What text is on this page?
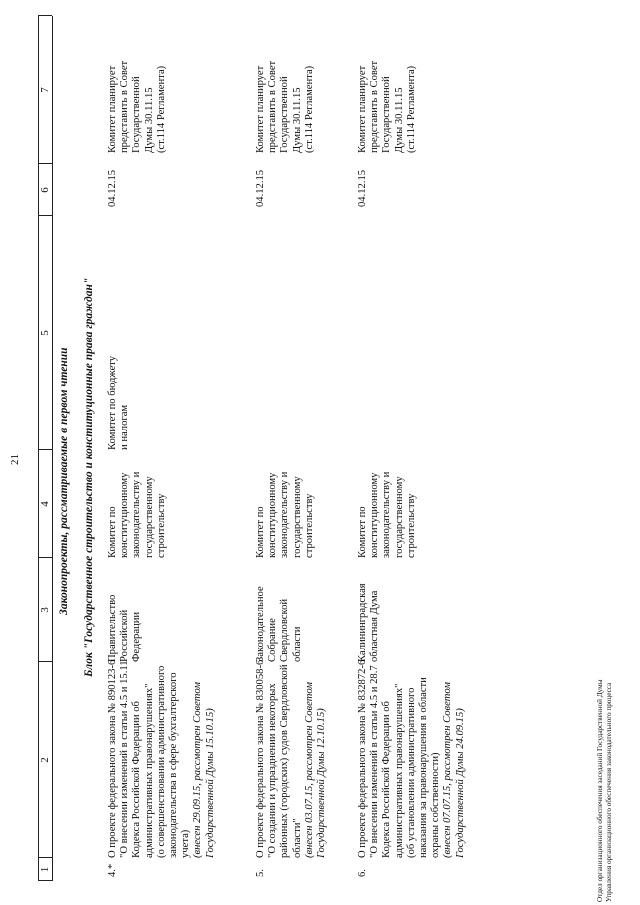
21
1
2
3
4
5
6
7
Законопроекты, рассматриваемые в первом чтении Блок "Государственное строительство и конституционные права граждан"
4.*
О проекте федерального закона № 890123-6 "О внесении изменений в статьи 4.5 и 15.11 Кодекса Российской Федерации об административных правонарушениях" (о совершенствовании административного законодательства в сфере бухгалтерского учета) (внесен 29.09.15, рассмотрен Советом Государственной Думы 15.10.15)
Правительство Российской Федерации
Комитет по конституционному законодательству и государственному строительству
Комитет по бюджету и налогам
04.12.15
Комитет планирует представить в Совет Государственной Думы 30.11.15 (ст.114 Регламента)
5.
О проекте федерального закона № 830058-6 "О создании и упразднении некоторых районных (городских) судов Свердловской области" (внесен 03.07.15, рассмотрен Советом Государственной Думы 12.10.15)
Законодательное Собрание Свердловской области
Комитет по конституционному законодательству и государственному строительству
04.12.15
Комитет планирует представить в Совет Государственной Думы 30.11.15 (ст.114 Регламента)
6.
О проекте федерального закона № 832872-6 "О внесении изменений в статьи 4.5 и 28.7 Кодекса Российской Федерации об административных правонарушениях" (об установлении административного наказания за правонарушения в области охраны собственности) (внесен 07.07.15, рассмотрен Советом Государственной Думы 24.09.15)
Калининградская областная Дума
Комитет по конституционному законодательству и государственному строительству
04.12.15
Комитет планирует представить в Совет Государственной Думы 30.11.15 (ст.114 Регламента)
Отдел организационного обеспечения заседаний Государственной Думы Управления организационного обеспечения законодательного процесса
